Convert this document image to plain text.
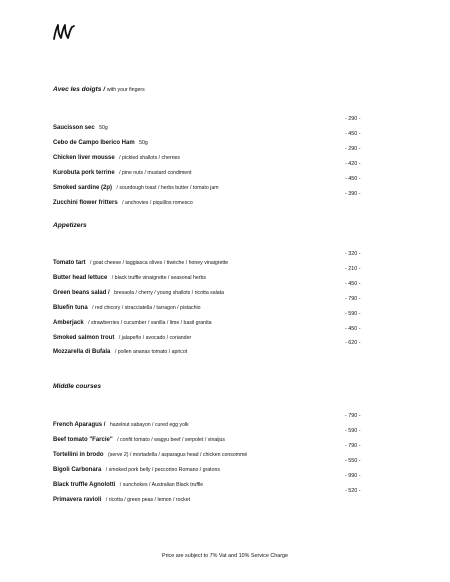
Avec les doigts / with your fingers
Saucisson sec 50g
- 290 -
Cebo de Campo Iberico Ham 50g
- 450 -
Chicken liver mousse / pickled shallots / cherries
- 290 -
Kurobuta pork terrine / pine nuts / mustard condiment
- 420 -
Smoked sardine (2p) / sourdough toast / herbs butter / tomato jam
- 450 -
Zucchini flower fritters / anchovies / piquillos romesco
- 390 -
Appetizers
Tomato tart / goat cheese / taggiasca olives / tiwèche / honey vinaigrette
- 320 -
Butter head lettuce / black truffle vinaigrette / seasonal herbs
- 210 -
Green beans salad / bresaola / cherry / young shallots / ricotta salata
- 450 -
Bluefin tuna / red chicory / stracciatella / tarragon / pistachio
- 790 -
Amberjack / strawberries / cucumber / vanilla / lime / basil granita
- 590 -
Smoked salmon trout / jalapeño / avocado / coriander
- 450 -
Mozzarella di Bufala / pollen ananas tomato / apricot
- 620 -
Middle courses
French Aparagus / hazelnut sabayon / cured egg yolk
- 790 -
Beef tomato "Farcie" / confit tomato / wagyu beef / serpolet / vinaijus
- 590 -
Tortellini in brodo (serve 2) / mortadella / asparagus head / chicken consommé
- 790 -
Bigoli Carbonara / smoked pork belly / peccorino Romano / gratons
- 550 -
Black truffle Agnolotti / sunchokes / Australian Black truffle
- 990 -
Primavera ravioli / ricotta / green peas / lemon / rocket
- 520 -
Price are subject to 7% Vat and 10% Service Charge
